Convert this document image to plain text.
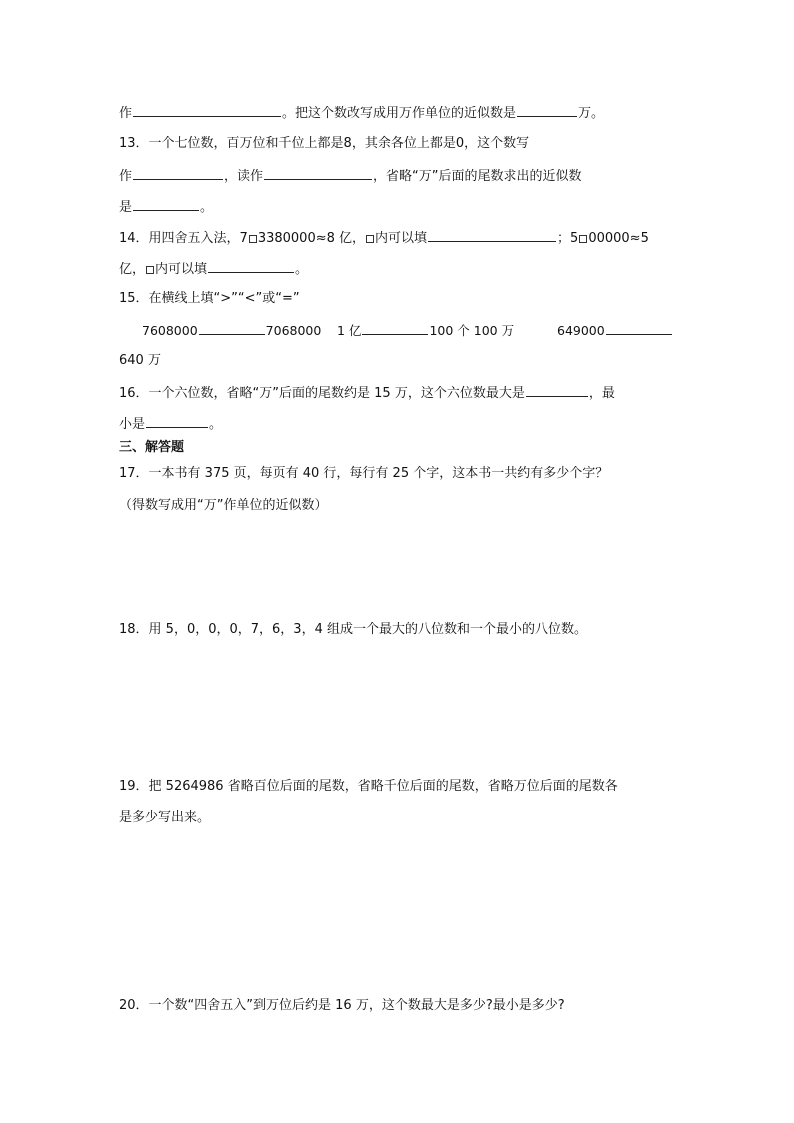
作	。把这个数改写成用万作单位的近似数是	万。
13．一个七位数，百万位和千位上都是8，其余各位上都是0，这个数写
作	，读作	，省略“万”后面的尾数求出的近似数
是	。
14．用四舍五入法，7 3380000≈8 亿， 内可以填	；5 00000≈5
亿， 内可以填	。
15．在横线上填“>”“<”或“=”
7608000	7068000 1 亿	100 个 100 万	649000
640 万
16．一个六位数，省略“万”后面的尾数约是 15 万，这个六位数最大是	，最
小是	。
三、解答题
17．一本书有 375 页，每页有 40 行，每行有 25 个字，这本书一共约有多少个字？
（得数写成用“万”作单位的近似数）
18．用 5，0，0，0，7，6，3，4 组成一个最大的八位数和一个最小的八位数。
19．把 5264986 省略百位后面的尾数，省略千位后面的尾数，省略万位后面的尾数各
是多少写出来。
20．一个数“四舍五入”到万位后约是 16 万，这个数最大是多少?最小是多少?
